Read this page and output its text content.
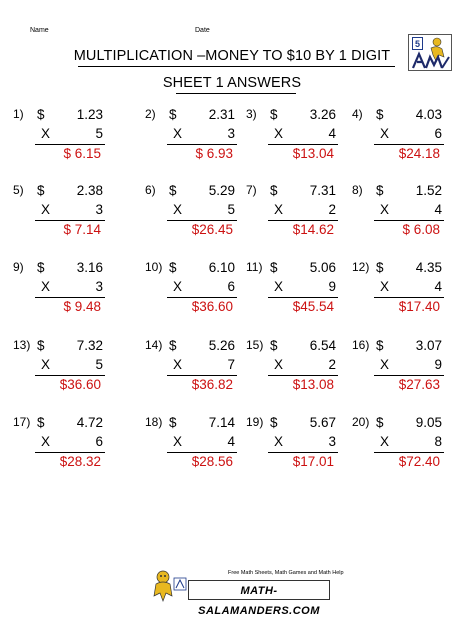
Name	Date
MULTIPLICATION –MONEY TO $10 BY 1 DIGIT
SHEET 1 ANSWERS
5
1) $ 1.23
X	5
$ 6.15
2) $ 2.31
X	3
$ 6.93
3) $ 3.26
X	4
$13.04
4) $ 4.03
X	6
$24.18
5) $ 2.38
X	3
$ 7.14
6) $ 5.29
X	5
$26.45
7) $ 7.31
X	2
$14.62
8) $ 1.52
X	4
$ 6.08
9) $ 3.16
X	3
$ 9.48
10) $ 6.10
X	6
$36.60
11) $ 5.06
X	9
$45.54
12) $ 4.35
X	4
$17.40
13) $ 7.32
X	5
$36.60
14) $ 5.26
X	7
$36.82
15) $ 6.54
X	2
$13.08
16) $ 3.07
X	9
$27.63
17) $ 4.72
X	6
$28.32
18) $ 7.14
X	4
$28.56
19) $ 5.67
X	3
$17.01
20) $ 9.05
X	8
$72.40
Free Math Sheets, Math Games and Math Help
MATH-SALAMANDERS.COM
